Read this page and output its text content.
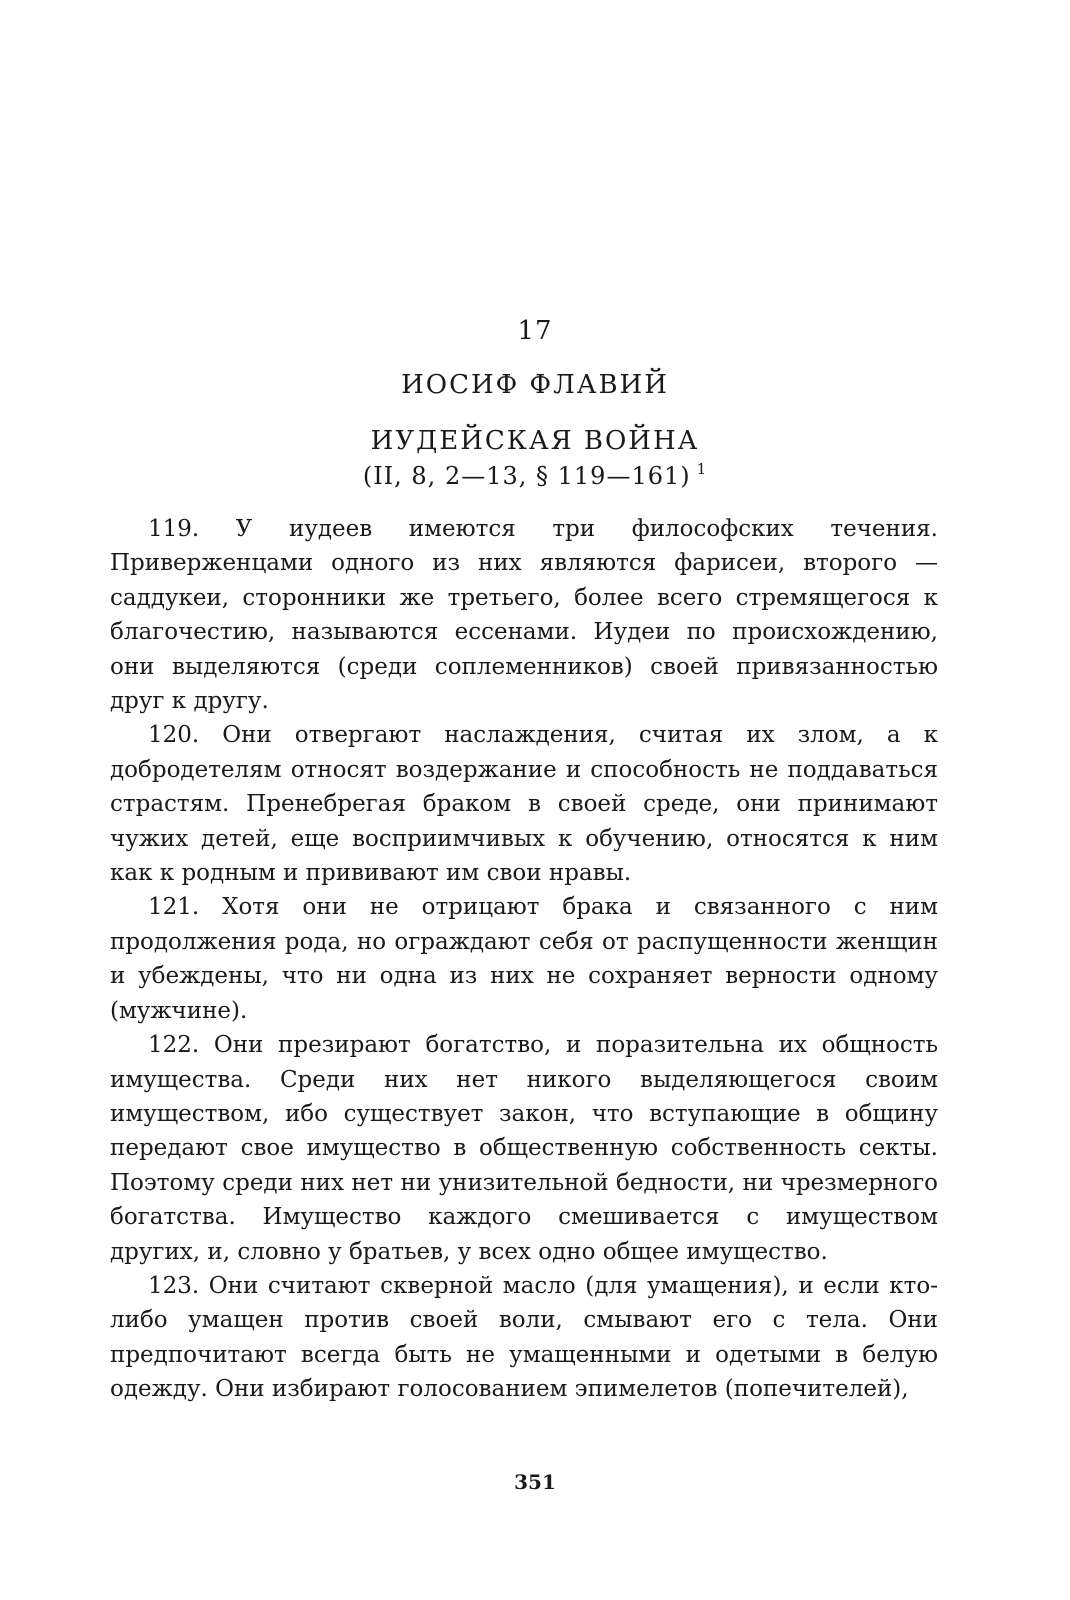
17
ИОСИФ ФЛАВИЙ
ИУДЕЙСКАЯ ВОЙНА
(II, 8, 2—13, § 119—161) $^1$

119. У иудеев имеются три философских течения. Приверженцами одного из них являются фарисеи, второго — саддукеи, сторонники же третьего, более всего стремящегося к благочестию, называются ессенами. Иудеи по происхождению, они выделяются (среди соплеменников) своей привязанностью друг к другу.

120. Они отвергают наслаждения, считая их злом, а к добродетелям относят воздержание и способность не поддаваться страстям. Пренебрегая браком в своей среде, они принимают чужих детей, еще восприимчивых к обучению, относятся к ним как к родным и прививают им свои нравы.

121. Хотя они не отрицают брака и связанного с ним продолжения рода, но ограждают себя от распущенности женщин и убеждены, что ни одна из них не сохраняет верности одному (мужчине).

122. Они презирают богатство, и поразительна их общность имущества. Среди них нет никого выделяющегося своим имуществом, ибо существует закон, что вступающие в общину передают свое имущество в общественную собственность секты. Поэтому среди них нет ни унизительной бедности, ни чрезмерного богатства. Имущество каждого смешивается с имуществом других, и, словно у братьев, у всех одно общее имущество.

123. Они считают скверной масло (для умащения), и если кто-либо умащен против своей воли, смывают его с тела. Они предпочитают всегда быть не умащенными и одетыми в белую одежду. Они избирают голосованием эпимелетов (попечителей),

351
